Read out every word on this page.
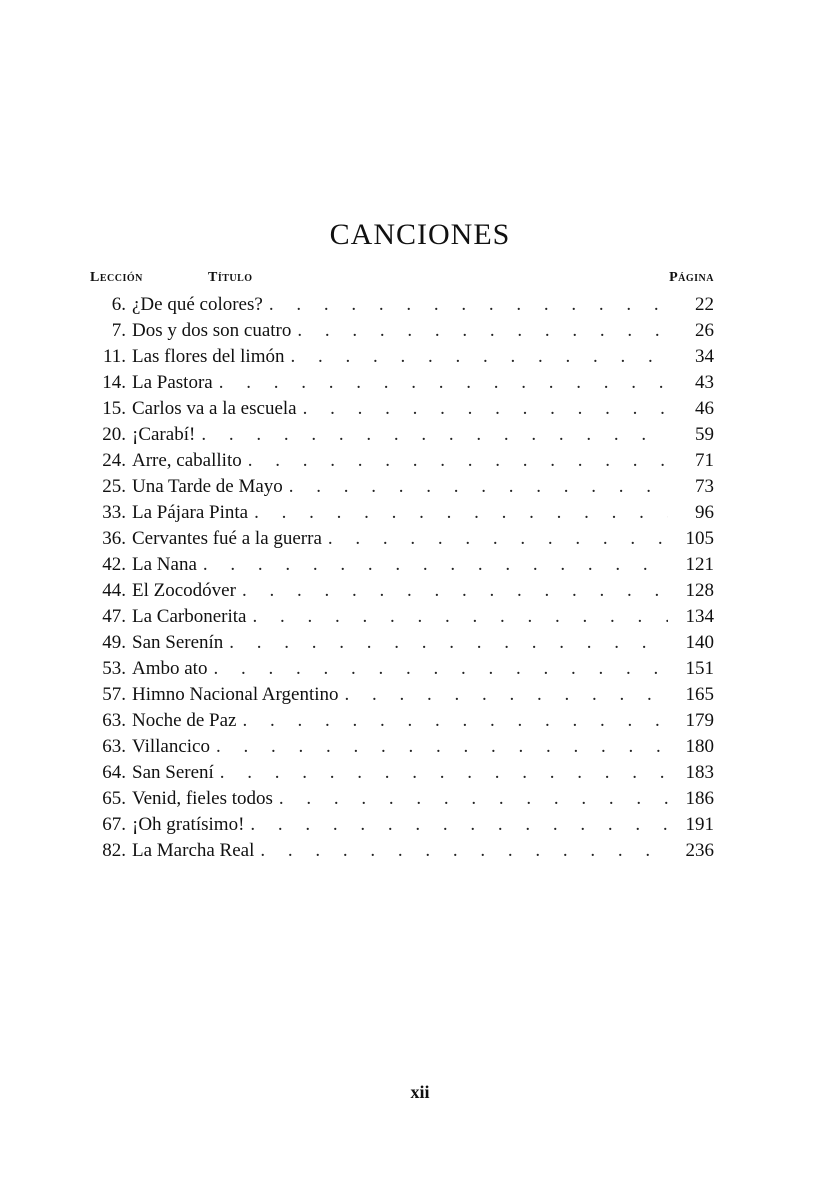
CANCIONES
Lección	Título	Página
6. ¿De qué colores? . . .	22
7. Dos y dos son cuatro . . .	26
11. Las flores del limón . . .	34
14. La Pastora . . .	43
15. Carlos va a la escuela . . .	46
20. ¡Carabí! . . .	59
24. Arre, caballito . . .	71
25. Una Tarde de Mayo . . .	73
33. La Pájara Pinta . . .	96
36. Cervantes fué a la guerra . . .	105
42. La Nana . . .	121
44. El Zocodóver . . .	128
47. La Carbonerita . . .	134
49. San Serenín . . .	140
53. Ambo ato . . .	151
57. Himno Nacional Argentino . . .	165
63. Noche de Paz . . .	179
63. Villancico . . .	180
64. San Serení . . .	183
65. Venid, fieles todos . . .	186
67. ¡Oh gratísimo! . . .	191
82. La Marcha Real . . .	236
xii
